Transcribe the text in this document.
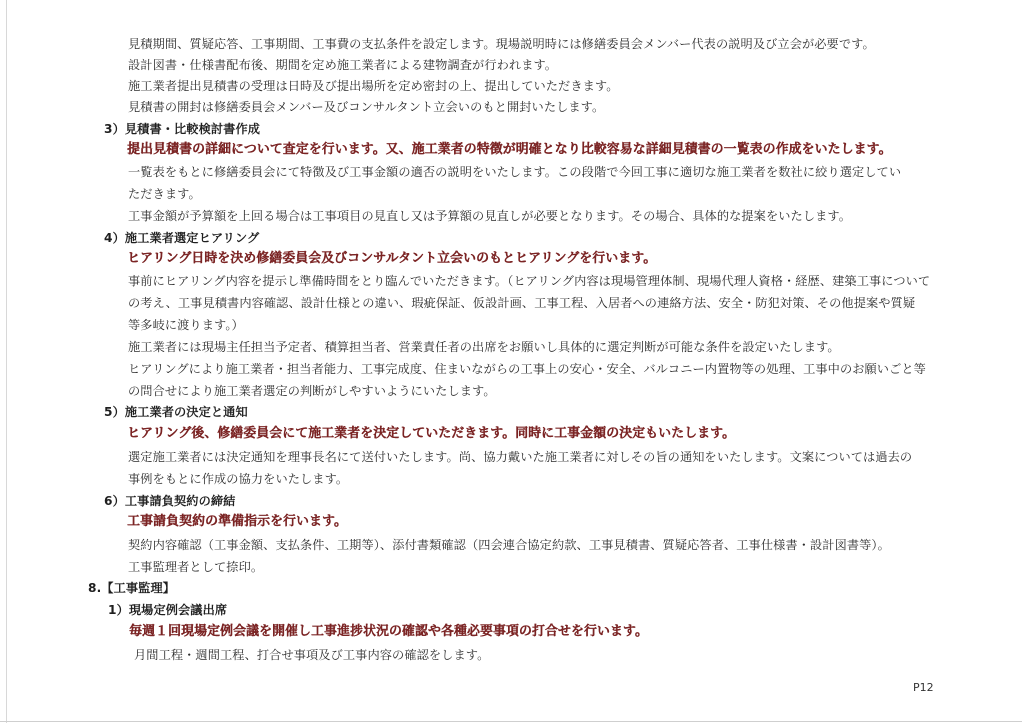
見積期間、質疑応答、工事期間、工事費の支払条件を設定します。現場説明時には修繕委員会メンバー代表の説明及び立会が必要です。
設計図書・仕様書配布後、期間を定め施工業者による建物調査が行われます。
施工業者提出見積書の受理は日時及び提出場所を定め密封の上、提出していただきます。
見積書の開封は修繕委員会メンバー及びコンサルタント立会いのもと開封いたします。
3）見積書・比較検討書作成
提出見積書の詳細について査定を行います。又、施工業者の特徴が明確となり比較容易な詳細見積書の一覧表の作成をいたします。
一覧表をもとに修繕委員会にて特徴及び工事金額の適否の説明をいたします。この段階で今回工事に適切な施工業者を数社に絞り選定してい
ただきます。
工事金額が予算額を上回る場合は工事項目の見直し又は予算額の見直しが必要となります。その場合、具体的な提案をいたします。
4）施工業者選定ヒアリング
ヒアリング日時を決め修繕委員会及びコンサルタント立会いのもとヒアリングを行います。
事前にヒアリング内容を提示し準備時間をとり臨んでいただきます。（ヒアリング内容は現場管理体制、現場代理人資格・経歴、建築工事について
の考え、工事見積書内容確認、設計仕様との違い、瑕疵保証、仮設計画、工事工程、入居者への連絡方法、安全・防犯対策、その他提案や質疑
等多岐に渡ります。）
施工業者には現場主任担当予定者、積算担当者、営業責任者の出席をお願いし具体的に選定判断が可能な条件を設定いたします。
ヒアリングにより施工業者・担当者能力、工事完成度、住まいながらの工事上の安心・安全、バルコニー内置物等の処理、工事中のお願いごと等
の問合せにより施工業者選定の判断がしやすいようにいたします。
5）施工業者の決定と通知
ヒアリング後、修繕委員会にて施工業者を決定していただきます。同時に工事金額の決定もいたします。
選定施工業者には決定通知を理事長名にて送付いたします。尚、協力戴いた施工業者に対しその旨の通知をいたします。文案については過去の
事例をもとに作成の協力をいたします。
6）工事請負契約の締結
工事請負契約の準備指示を行います。
契約内容確認（工事金額、支払条件、工期等）、添付書類確認（四会連合協定約款、工事見積書、質疑応答者、工事仕様書・設計図書等）。
工事監理者として捺印。
8.【工事監理】
1）現場定例会議出席
毎週１回現場定例会議を開催し工事進捗状況の確認や各種必要事項の打合せを行います。
月間工程・週間工程、打合せ事項及び工事内容の確認をします。
P12
